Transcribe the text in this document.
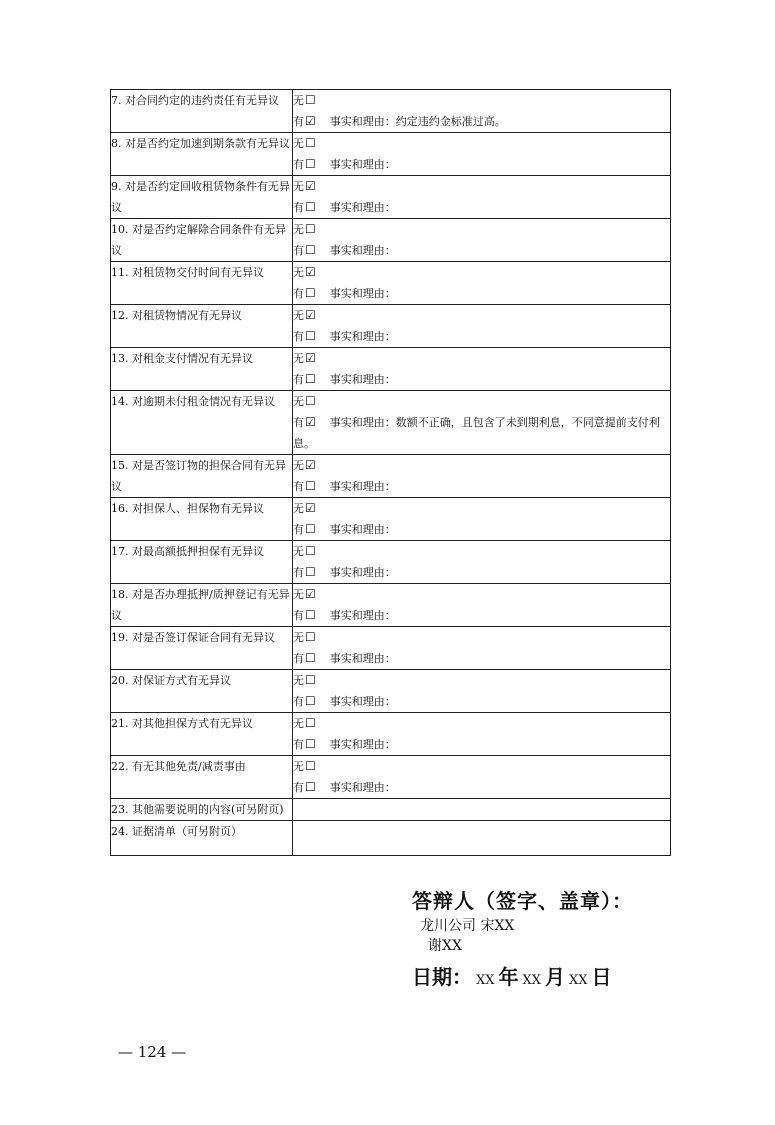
7. 对合同约定的违约责任有无异议	无☐
有☑ 事实和理由：约定违约金标准过高。

8. 对是否约定加速到期条款有无异议	无☐
有☐ 事实和理由：

9. 对是否约定回收租赁物条件有无异议	无☑
有☐ 事实和理由：

10. 对是否约定解除合同条件有无异议	无☐
有☐ 事实和理由：

11. 对租赁物交付时间有无异议	无☑
有☐ 事实和理由：

12. 对租赁物情况有无异议	无☑
有☐ 事实和理由：

13. 对租金支付情况有无异议	无☑
有☐ 事实和理由：

14. 对逾期未付租金情况有无异议	无☐
有☑ 事实和理由：数额不正确，且包含了未到期利息，不同意提前支付利息。

15. 对是否签订物的担保合同有无异议	无☑
有☐ 事实和理由：

16. 对担保人、担保物有无异议	无☑
有☐ 事实和理由：

17. 对最高额抵押担保有无异议	无☐
有☐ 事实和理由：

18. 对是否办理抵押/质押登记有无异议	无☑
有☐ 事实和理由：

19. 对是否签订保证合同有无异议	无☐
有☐ 事实和理由：

20. 对保证方式有无异议	无☐
有☐ 事实和理由：

21. 对其他担保方式有无异议	无☐
有☐ 事实和理由：

22. 有无其他免责/减责事由	无☐
有☐ 事实和理由：

23. 其他需要说明的内容(可另附页)	
24. 证据清单（可另附页）	
答辩人（签字、盖章）：
龙川公司 宋XX
谢XX
日期： XX 年 XX 月 XX 日
— 124 —
